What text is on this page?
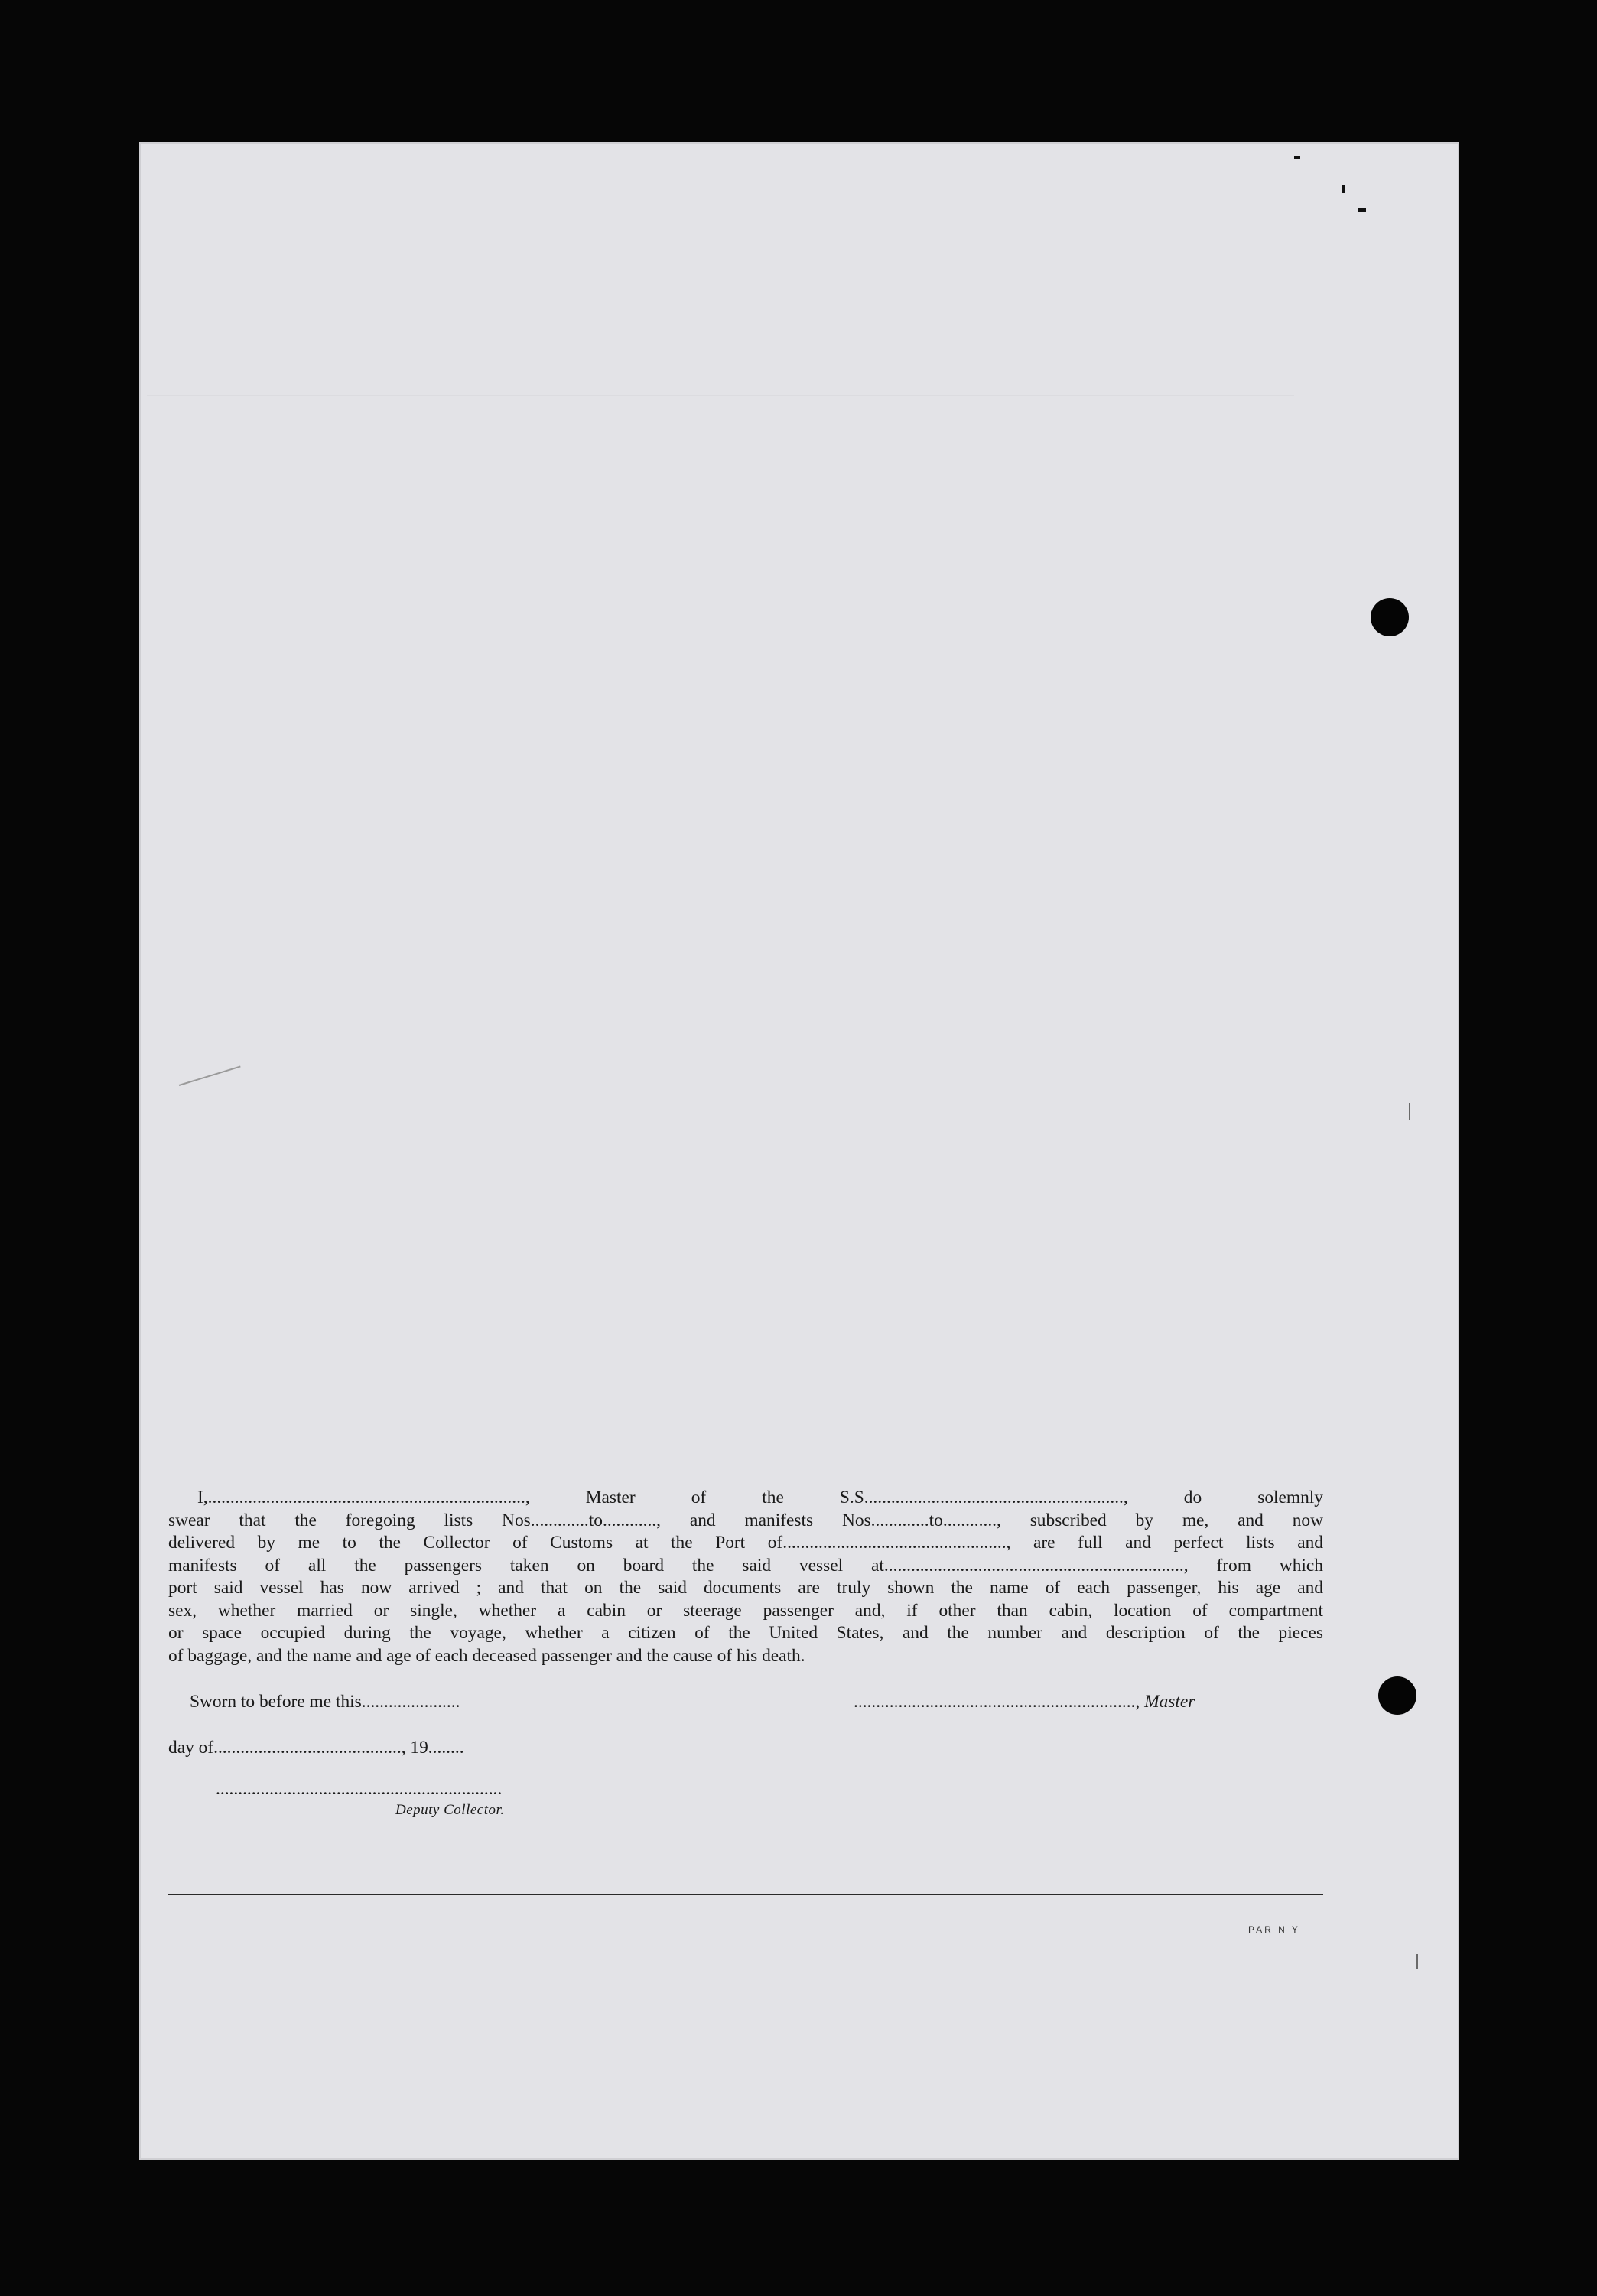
I,......................................................................., Master of the S.S.........................................................., do solemnly

swear that the foregoing lists Nos.............to............, and manifests Nos.............to............, subscribed by me, and now

delivered by me to the Collector of Customs at the Port of.................................................., are full and perfect lists and

manifests of all the passengers taken on board the said vessel at..................................................................., from which

port said vessel has now arrived ; and that on the said documents are truly shown the name of each passenger, his age and

sex, whether married or single, whether a cabin or steerage passenger and, if other than cabin, location of compartment

or space occupied during the voyage, whether a citizen of the United States, and the number and description of the pieces

of baggage, and the name and age of each deceased passenger and the cause of his death.

Sworn to before me this......................	..............................................................., Master
day of.........................................., 19........
................................................................
Deputy Collector.
PAR N Y
